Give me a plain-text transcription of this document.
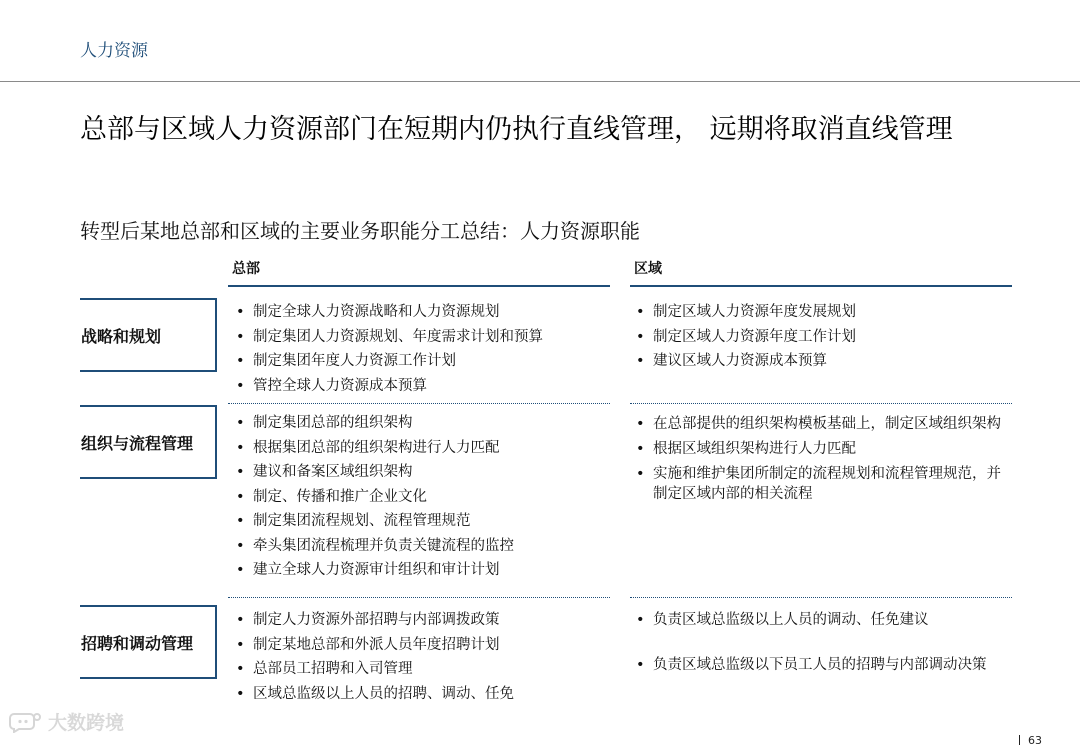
人力资源
总部与区域人力资源部门在短期内仍执行直线管理， 远期将取消直线管理
转型后某地总部和区域的主要业务职能分工总结：人力资源职能
总部	区域
战略和规划
• 制定全球人力资源战略和人力资源规划
• 制定集团人力资源规划、年度需求计划和预算
• 制定集团年度人力资源工作计划
• 管控全球人力资源成本预算
• 制定区域人力资源年度发展规划
• 制定区域人力资源年度工作计划
• 建议区域人力资源成本预算
组织与流程管理
• 制定集团总部的组织架构
• 根据集团总部的组织架构进行人力匹配
• 建议和备案区域组织架构
• 制定、传播和推广企业文化
• 制定集团流程规划、流程管理规范
• 牵头集团流程梳理并负责关键流程的监控
• 建立全球人力资源审计组织和审计计划
• 在总部提供的组织架构模板基础上，制定区域组织架构
• 根据区域组织架构进行人力匹配
• 实施和维护集团所制定的流程规划和流程管理规范，并制定区域内部的相关流程
招聘和调动管理
• 制定人力资源外部招聘与内部调拨政策
• 制定某地总部和外派人员年度招聘计划
• 总部员工招聘和入司管理
• 区域总监级以上人员的招聘、调动、任免
• 负责区域总监级以上人员的调动、任免建议
• 负责区域总监级以下员工人员的招聘与内部调动决策
大数跨境
63
